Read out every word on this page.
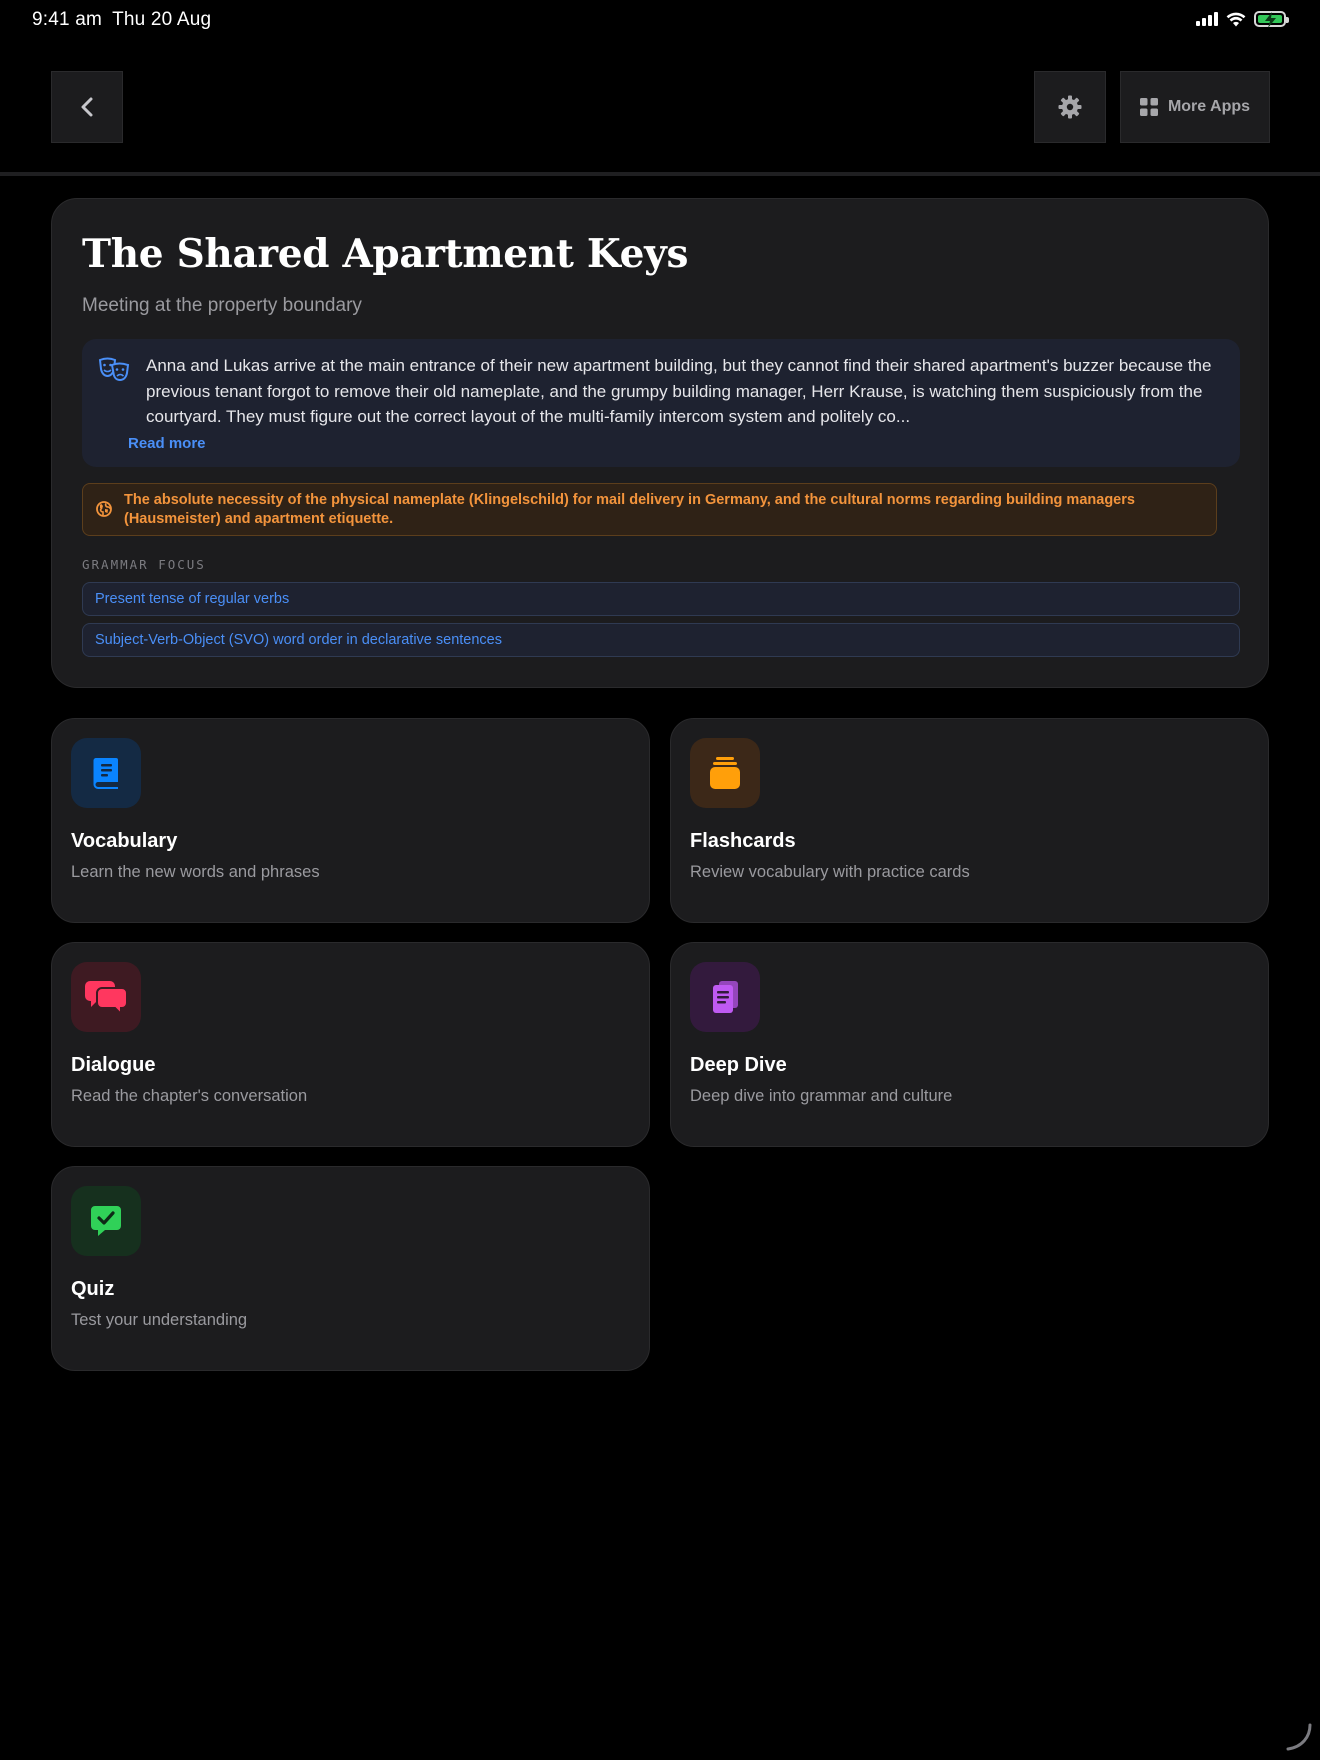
9:41 am Thu 20 Aug
More Apps
The Shared Apartment Keys
Meeting at the property boundary
Anna and Lukas arrive at the main entrance of their new apartment building, but they cannot find their shared apartment's buzzer because the previous tenant forgot to remove their old nameplate, and the grumpy building manager, Herr Krause, is watching them suspiciously from the courtyard. They must figure out the correct layout of the multi-family intercom system and politely co...
Read more
The absolute necessity of the physical nameplate (Klingelschild) for mail delivery in Germany, and the cultural norms regarding building managers (Hausmeister) and apartment etiquette.
GRAMMAR FOCUS
Present tense of regular verbs
Subject-Verb-Object (SVO) word order in declarative sentences
Vocabulary
Learn the new words and phrases
Flashcards
Review vocabulary with practice cards
Dialogue
Read the chapter's conversation
Deep Dive
Deep dive into grammar and culture
Quiz
Test your understanding
